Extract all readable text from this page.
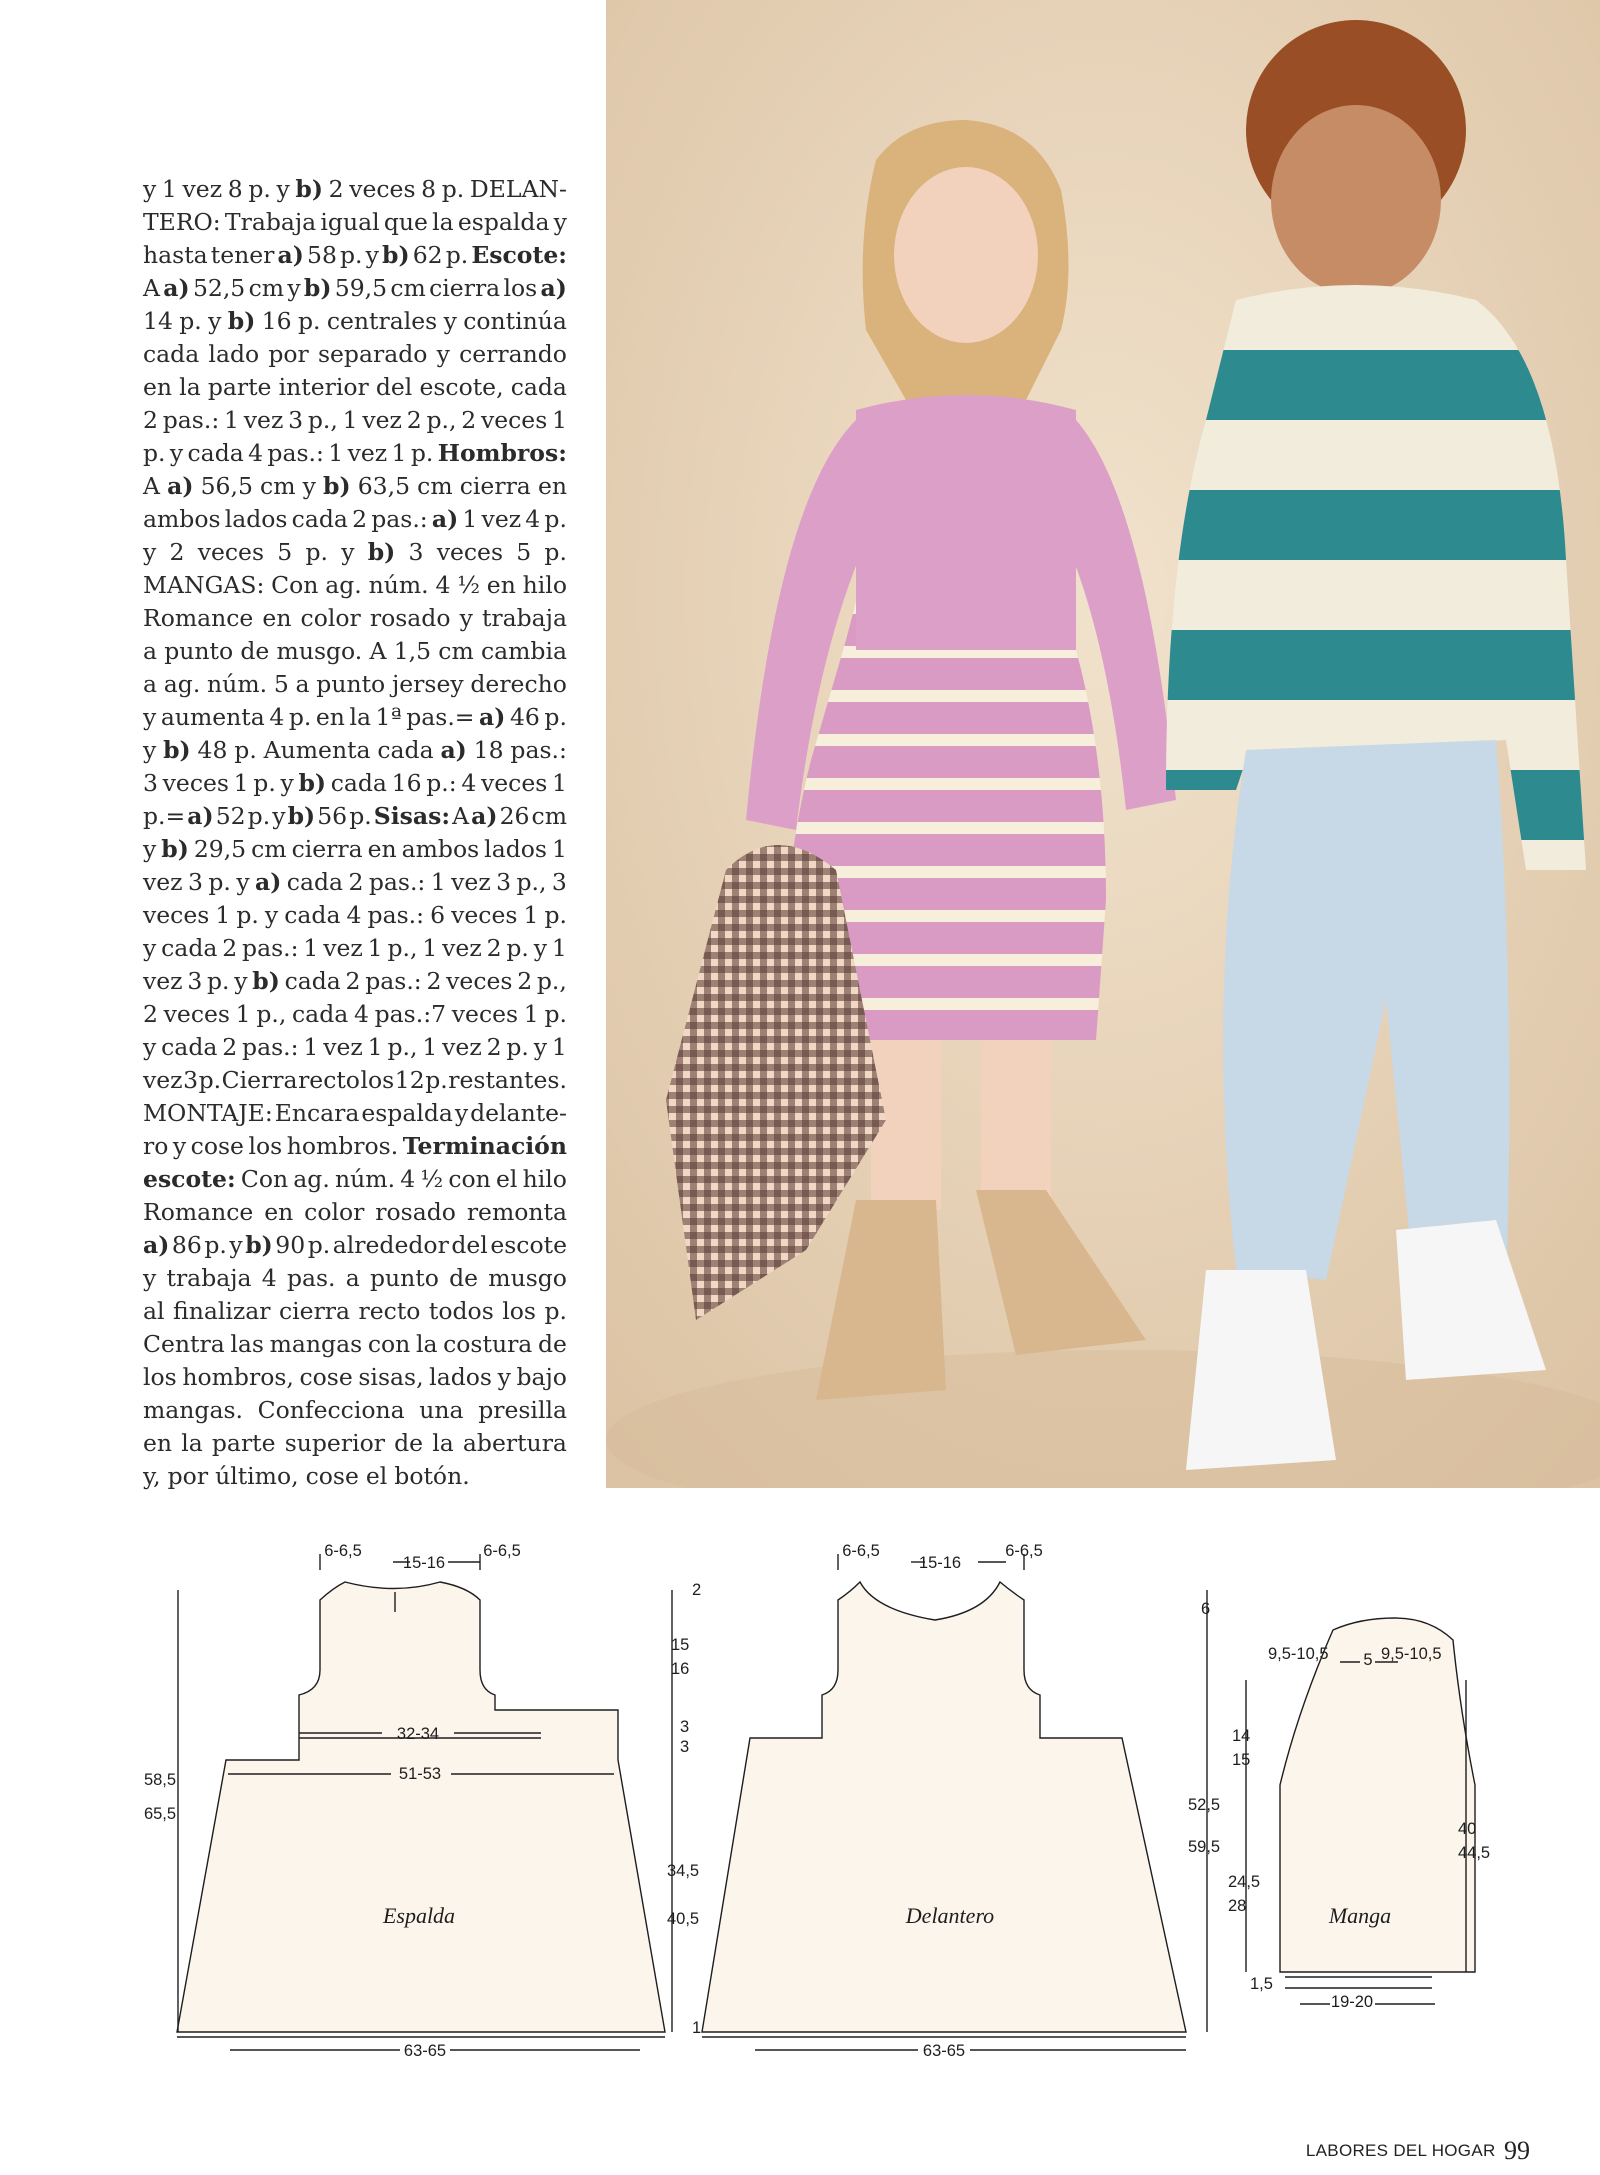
y 1 vez 8 p. y b) 2 veces 8 p. DELAN-
TERO: Trabaja igual que la espalda y
hasta tener a) 58 p. y b) 62 p. Escote:
A a) 52,5 cm y b) 59,5 cm cierra los a)
14 p. y b) 16 p. centrales y continúa
cada lado por separado y cerrando
en la parte interior del escote, cada
2 pas.: 1 vez 3 p., 1 vez 2 p., 2 veces 1
p. y cada 4 pas.: 1 vez 1 p. Hombros:
A a) 56,5 cm y b) 63,5 cm cierra en
ambos lados cada 2 pas.: a) 1 vez 4 p.
y 2 veces 5 p. y b) 3 veces 5 p.
MANGAS: Con ag. núm. 4 ½ en hilo
Romance en color rosado y trabaja
a punto de musgo. A 1,5 cm cambia
a ag. núm. 5 a punto jersey derecho
y aumenta 4 p. en la 1ª pas.= a) 46 p.
y b) 48 p. Aumenta cada a) 18 pas.:
3 veces 1 p. y b) cada 16 p.: 4 veces 1
p.= a) 52 p. y b) 56 p. Sisas: A a) 26 cm
y b) 29,5 cm cierra en ambos lados 1
vez 3 p. y a) cada 2 pas.: 1 vez 3 p., 3
veces 1 p. y cada 4 pas.: 6 veces 1 p.
y cada 2 pas.: 1 vez 1 p., 1 vez 2 p. y 1
vez 3 p. y b) cada 2 pas.: 2 veces 2 p.,
2 veces 1 p., cada 4 pas.:7 veces 1 p.
y cada 2 pas.: 1 vez 1 p., 1 vez 2 p. y 1
vez 3 p. Cierra recto los 12 p. restantes.
MONTAJE: Encara espalda y delante-
ro y cose los hombros. Terminación
escote: Con ag. núm. 4 ½ con el hilo
Romance en color rosado remonta
a) 86 p. y b) 90 p. alrededor del escote
y trabaja 4 pas. a punto de musgo
al finalizar cierra recto todos los p.
Centra las mangas con la costura de
los hombros, cose sisas, lados y bajo
mangas. Confecciona una presilla
en la parte superior de la abertura
y, por último, cose el botón.
6-6,5
15-16
6-6,5
32-34
51-53
63-65
58,5
65,5
Espalda
6-6,5
15-16
6-6,5
63-65
Delantero
5
19-20
Manga
2
15
16
3
3
34,5
40,5
1
9,5-10,5	9,5-10,5
14
15
24,5
28
1,5
40
44,5
6
52,5
59,5
LABORES DEL HOGAR 99
